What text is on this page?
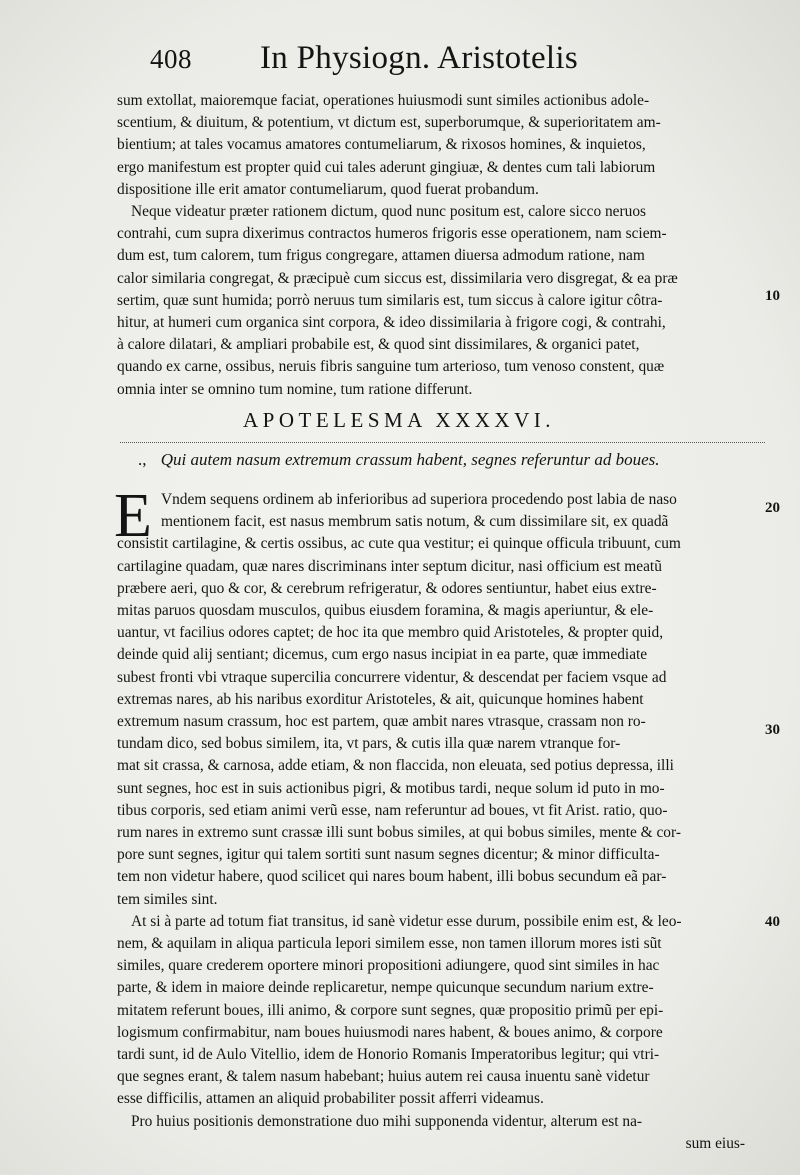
408 In Physiogn. Aristotelis
sum extollat, maioremque faciat, operationes huiusmodi sunt similes actionibus adole-
scentium, & diuitum, & potentium, vt dictum est, superborumque, & superioritatem am-
bientium; at tales vocamus amatores contumeliarum, & rixosos homines, & inquietos,
ergo manifestum est propter quid cui tales aderunt gingiuæ, & dentes cum tali labiorum
dispositione ille erit amator contumeliarum, quod fuerat probandum.
Neque videatur præter rationem dictum, quod nunc positum est, calore sicco neruos
contrahi, cum supra dixerimus contractos humeros frigoris esse operationem, nam sciem-
dum est, tum calorem, tum frigus congregare, attamen diuersa admodum ratione, nam
calor similaria congregat, & præcipuè cum siccus est, dissimilaria vero disgregat, & ea præ
sertim, quæ sunt humida; porrò neruus tum similaris est, tum siccus à calore igitur côtra-
hitur, at humeri cum organica sint corpora, & ideo dissimilaria à frigore cogi, & contrahi,
à calore dilatari, & ampliari probabile est, & quod sint dissimilares, & organici patet,
quando ex carne, ossibus, neruis fibris sanguine tum arterioso, tum venoso constent, quæ
omnia inter se omnino tum nomine, tum ratione differunt.
APOTELESMA XXXXVI.
., Qui autem nasum extremum crassum habent, segnes referuntur ad boues.
E Vndem sequens ordinem ab inferioribus ad superiora procedendo post labia de naso
mentionem facit, est nasus membrum satis notum, & cum dissimilare sit, ex quadã
consistit cartilagine, & certis ossibus, ac cute qua vestitur; ei quinque officula tribuunt, cum
cartilagine quadam, quæ nares discriminans inter septum dicitur, nasi officium est meatũ
præbere aeri, quo & cor, & cerebrum refrigeratur, & odores sentiuntur, habet eius extre-
mitas paruos quosdam musculos, quibus eiusdem foramina, & magis aperiuntur, & ele-
uantur, vt facilius odores captet; de hoc ita que membro quid Aristoteles, & propter quid,
deinde quid alij sentiant; dicemus, cum ergo nasus incipiat in ea parte, quæ immediate
subest fronti vbi vtraque supercilia concurrere videntur, & descendat per faciem vsque ad
extremas nares, ab his naribus exorditur Aristoteles, & ait, quicunque homines habent
extremum nasum crassum, hoc est partem, quæ ambit nares vtrasque, crassam non ro-
tundam dico, sed bobus similem, ita, vt pars, & cutis illa quæ narem vtranque for-
mat sit crassa, & carnosa, adde etiam, & non flaccida, non eleuata, sed potius depressa, illi
sunt segnes, hoc est in suis actionibus pigri, & motibus tardi, neque solum id puto in mo-
tibus corporis, sed etiam animi verũ esse, nam referuntur ad boues, vt fit Arist. ratio, quo-
rum nares in extremo sunt crassæ illi sunt bobus similes, at qui bobus similes, mente & cor-
pore sunt segnes, igitur qui talem sortiti sunt nasum segnes dicentur; & minor difficulta-
tem non videtur habere, quod scilicet qui nares boum habent, illi bobus secundum eã par-
tem similes sint.
At si à parte ad totum fiat transitus, id sanè videtur esse durum, possibile enim est, & leo-
nem, & aquilam in aliqua particula lepori similem esse, non tamen illorum mores isti sũt
similes, quare crederem oportere minori propositioni adiungere, quod sint similes in hac
parte, & idem in maiore deinde replicaretur, nempe quicunque secundum narium extre-
mitatem referunt boues, illi animo, & corpore sunt segnes, quæ propositio primũ per epi-
logismum confirmabitur, nam boues huiusmodi nares habent, & boues animo, & corpore
tardi sunt, id de Aulo Vitellio, idem de Honorio Romanis Imperatoribus legitur; qui vtri-
que segnes erant, & talem nasum habebant; huius autem rei causa inuentu sanè videtur
esse difficilis, attamen an aliquid probabiliter possit afferri videamus.
Pro huius positionis demonstratione duo mihi supponenda videntur, alterum est na-
sum eius-
10
20
30
40
